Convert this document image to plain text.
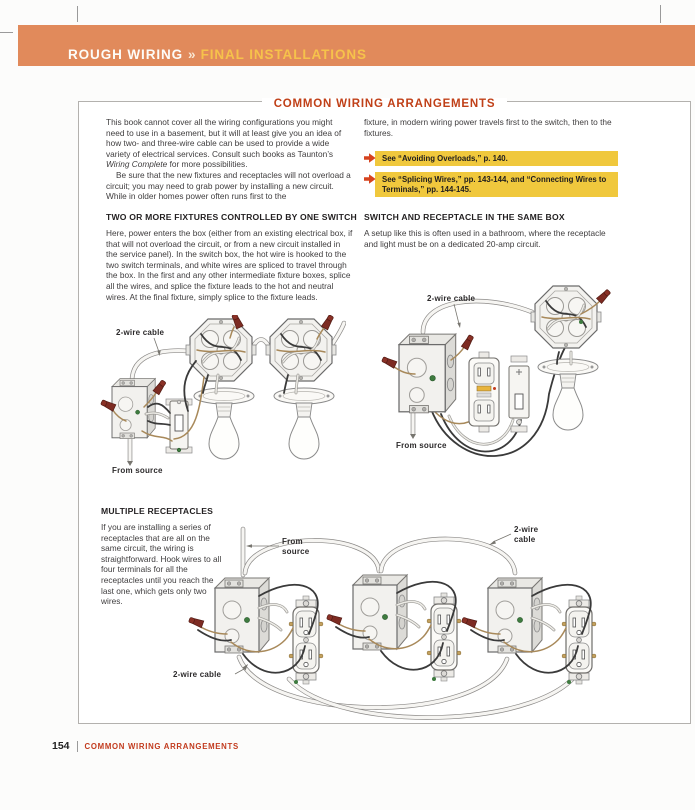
ROUGH WIRING » FINAL INSTALLATIONS
COMMON WIRING ARRANGEMENTS

This book cannot cover all the wiring configurations you might need to use in a basement, but it will at least give you an idea of how two- and three-wire cable can be used to provide a wide variety of electrical services. Consult such books as Taunton’s Wiring Complete for more possibilities.

Be sure that the new fixtures and receptacles will not overload a circuit; you may need to grab power by installing a new circuit. While in older homes power often runs first to the

fixture, in modern wiring power travels first to the switch, then to the fixtures.

See “Avoiding Overloads,” p. 140.
See “Splicing Wires,” pp. 143-144, and “Connecting Wires to Terminals,” pp. 144-145.
TWO OR MORE FIXTURES CONTROLLED BY ONE SWITCH

Here, power enters the box (either from an existing electrical box, if that will not overload the circuit, or from a new circuit installed in the service panel). In the switch box, the hot wire is hooked to the two switch terminals, and white wires are spliced to travel through the box. In the first and any other intermediate fixture boxes, splice all the wires, and splice the fixture leads to the hot and neutral wires. At the final fixture, simply splice to the fixture leads.

SWITCH AND RECEPTACLE IN THE SAME BOX

A setup like this is often used in a bathroom, where the receptacle and light must be on a dedicated 20-amp circuit.

MULTIPLE RECEPTACLES

If you are installing a series of receptacles that are all on the same circuit, the wiring is straightforward. Hook wires to all four terminals for all the receptacles until you reach the last one, which gets only two wires.

2-wire cable
From source
2-wire cable
From source
From
source
2-wire
cable
2-wire cable
154 COMMON WIRING ARRANGEMENTS
